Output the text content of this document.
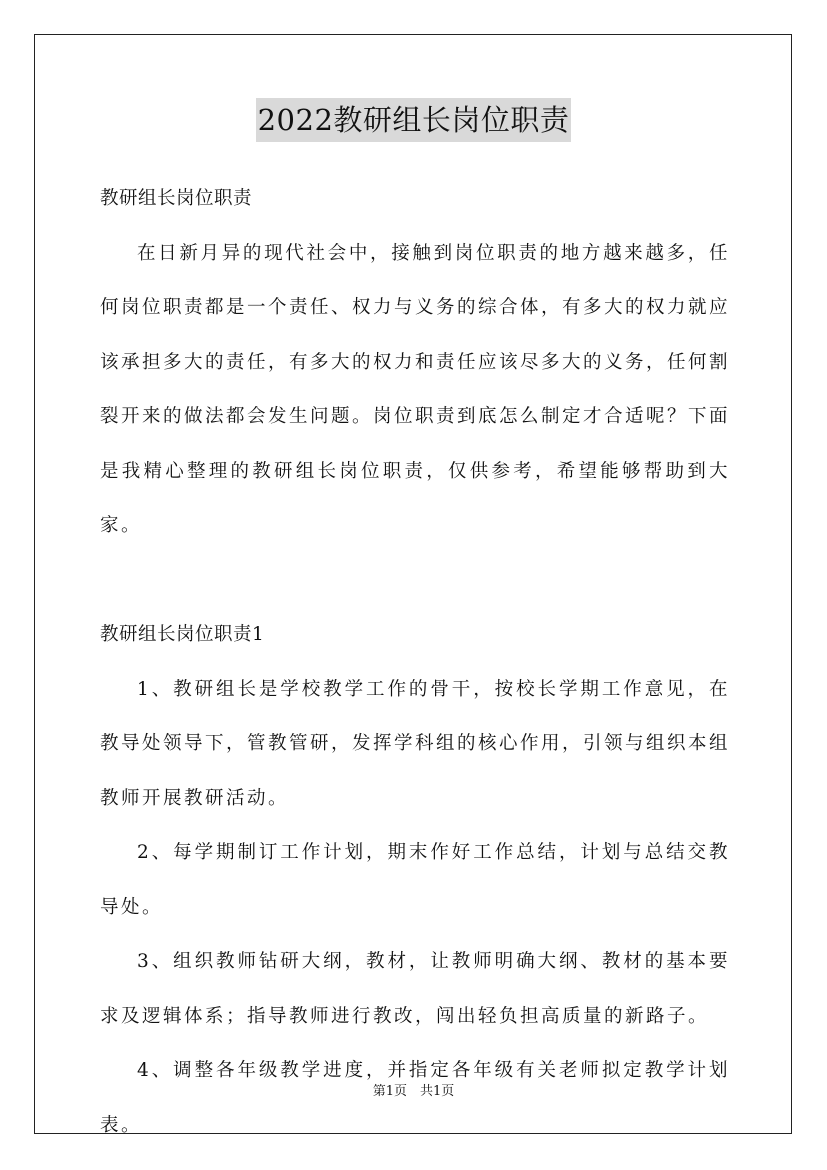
2022教研组长岗位职责

教研组长岗位职责

在日新月异的现代社会中，接触到岗位职责的地方越来越多，任何岗位职责都是一个责任、权力与义务的综合体，有多大的权力就应该承担多大的责任，有多大的权力和责任应该尽多大的义务，任何割裂开来的做法都会发生问题。岗位职责到底怎么制定才合适呢？下面是我精心整理的教研组长岗位职责，仅供参考，希望能够帮助到大家。

教研组长岗位职责1

1、教研组长是学校教学工作的骨干，按校长学期工作意见，在教导处领导下，管教管研，发挥学科组的核心作用，引领与组织本组教师开展教研活动。

2、每学期制订工作计划，期末作好工作总结，计划与总结交教导处。

3、组织教师钻研大纲，教材，让教师明确大纲、教材的基本要求及逻辑体系；指导教师进行教改，闯出轻负担高质量的新路子。

4、调整各年级教学进度，并指定各年级有关老师拟定教学计划表。

第1页　共1页
